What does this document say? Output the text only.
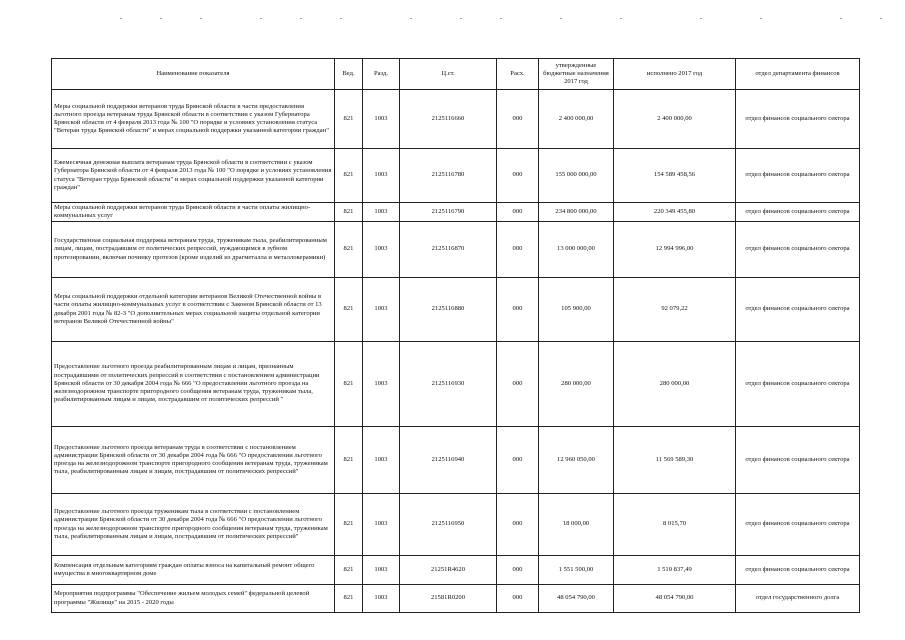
Наименование показателя	Вед.	Разд.	Ц.ст.	Расх.	утвержденные бюджетные назначения 2017 год	исполнено 2017 год	отдел департамента финансов

Меры социальной поддержки ветеранов труда Брянской области в части предоставления льготного проезда ветеранам труда Брянской области в соответствии с указом Губернатора Брянской области от 4 февраля 2013 года № 100 "О порядке и условиях установления статуса "Ветеран труда Брянской области" и мерах социальной поддержки указанной категории граждан"	821	1003	2125116660	000	2 400 000,00	2 400 000,00	отдел финансов социального сектора

Ежемесячная денежная выплата ветеранам труда Брянской области в соответствии с указом Губернатора Брянской области от 4 февраля 2013 года № 100 "О порядке и условиях установления статуса "Ветеран труда Брянской области" и мерах социальной поддержки указанной категории граждан"	821	1003	2125116780	000	155 000 000,00	154 589 458,56	отдел финансов социального сектора

Меры социальной поддержки ветеранов труда Брянской области в части оплаты жилищно-коммунальных услуг	821	1003	2125116790	000	234 800 000,00	220 349 455,80	отдел финансов социального сектора

Государственная социальная поддержка ветеранам труда, труженикам тыла, реабилитированным лицам, лицам, пострадавшим от политических репрессий, нуждающимся в зубном протезировании, включая починку протезов (кроме изделий из драгметалла и металлокерамики)	821	1003	2125116870	000	13 000 000,00	12 994 996,00	отдел финансов социального сектора

Меры социальной поддержки отдельной категории ветеранов Великой Отечественной войны в части оплаты жилищно-коммунальных услуг в соответствии с Законом Брянской области от 13 декабря 2001 года № 82-З "О дополнительных мерах социальной защиты отдельной категории ветеранов Великой Отечественной войны"	821	1003	2125116880	000	105 900,00	92 079,22	отдел финансов социального сектора

Предоставление льготного проезда реабилитированным лицам и лицам, признанным пострадавшими от политических репрессий в соответствии с постановлением администрации Брянской области от 30 декабря 2004 года № 666 "О предоставлении льготного проезда на железнодорожном транспорте пригородного сообщения ветеранам труда, труженикам тыла, реабилитированным лицам и лицам, пострадавшим от политических репрессий "	821	1003	2125116930	000	280 000,00	280 000,00	отдел финансов социального сектора

Предоставление льготного проезда ветеранам труда в соответствии с постановлением администрации Брянской области от 30 декабря 2004 года № 666 "О предоставлении льготного проезда на железнодорожном транспорте пригородного сообщения ветеранам труда, труженикам тыла, реабилитированным лицам и лицам, пострадавшим от политических репрессий"	821	1003	2125116940	000	12 960 050,00	11 569 589,30	отдел финансов социального сектора

Предоставление льготного проезда труженикам тыла в соответствии с постановлением администрации Брянской области от 30 декабря 2004 года № 666 "О предоставлении льготного проезда на железнодорожном транспорте пригородного сообщения ветеранам труда, труженикам тыла, реабилитированным лицам и лицам, пострадавшим от политических репрессий"	821	1003	2125116950	000	18 000,00	8 015,70	отдел финансов социального сектора

Компенсация отдельным категориям граждан оплаты взноса на капитальный ремонт общего имущества в многоквартирном доме	821	1003	21251R4620	000	1 551 500,00	1 510 837,49	отдел финансов социального сектора

Мероприятия подпрограммы "Обеспечение жильем молодых семей" федеральной целевой программы "Жилище" на 2015 - 2020 годы	821	1003	21581R0200	000	48 054 790,00	48 054 790,00	отдел государственного долга
